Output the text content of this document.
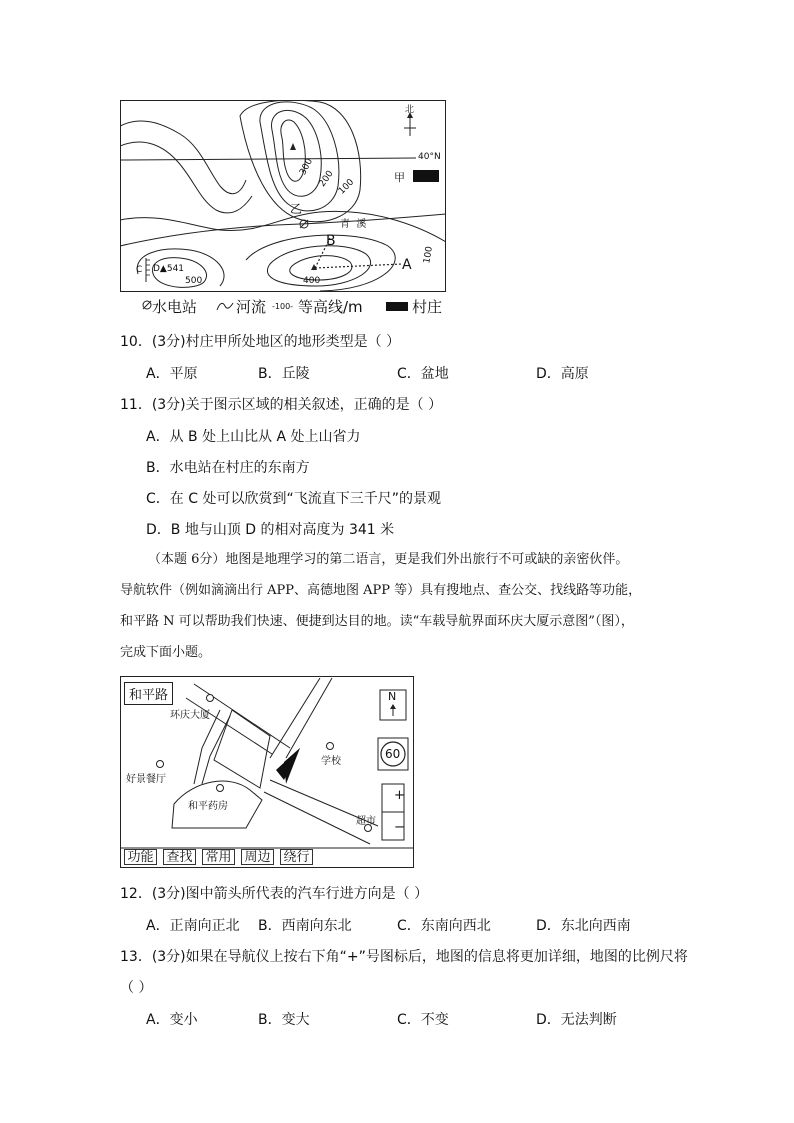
北
40°N
甲
乙
青  溪
B
A
C D▲541
300
200 100
500	400
100
水电站	河流 -100- 等高线/m	村庄
10．(3分)村庄甲所处地区的地形类型是（ ）
A．平原	B．丘陵	C．盆地	D．高原
11．(3分)关于图示区域的相关叙述，正确的是（ ）
A．从 B 处上山比从 A 处上山省力
B．水电站在村庄的东南方
C．在 C 处可以欣赏到“飞流直下三千尺”的景观
D．B 地与山顶 D 的相对高度为 341 米
（本题 6分）地图是地理学习的第二语言，更是我们外出旅行不可或缺的亲密伙伴。
导航软件（例如滴滴出行 APP、高德地图 APP 等）具有搜地点、查公交、找线路等功能，
和平路 N 可以帮助我们快速、便捷到达目的地。读“车载导航界面环庆大厦示意图”（图），
完成下面小题。
和平路
环庆大厦
好景餐厅
和平药房
学校
超市
N
60
+
−
功能 查找 常用 周边 绕行
12．(3分)图中箭头所代表的汽车行进方向是（ ）
A．正南向正北 B．西南向东北	C．东南向西北	D．东北向西南
13．(3分)如果在导航仪上按右下角“+”号图标后，地图的信息将更加详细，地图的比例尺将
（ ）
A．变小	B．变大	C．不变	D．无法判断
